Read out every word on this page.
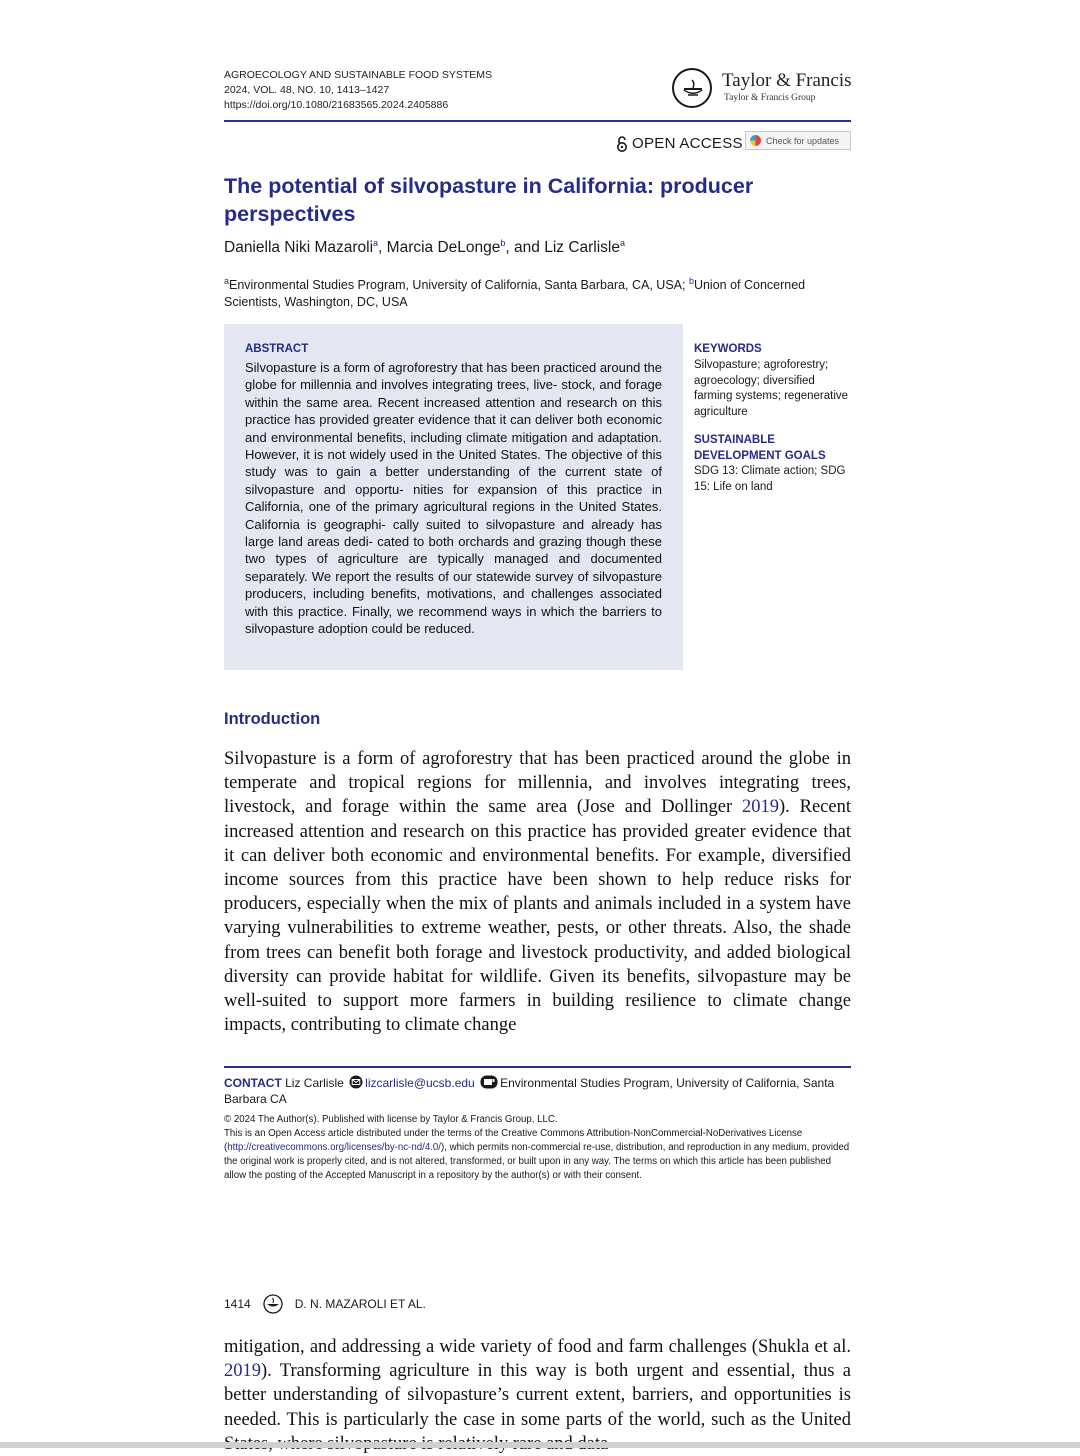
AGROECOLOGY AND SUSTAINABLE FOOD SYSTEMS
2024, VOL. 48, NO. 10, 1413–1427
https://doi.org/10.1080/21683565.2024.2405886
Taylor & Francis
Taylor & Francis Group
OPEN ACCESS	Check for updates
The potential of silvopasture in California: producer perspectives
Daniella Niki Mazaroli$^a$, Marcia DeLonge$^b$, and Liz Carlisle$^a$
$^a$Environmental Studies Program, University of California, Santa Barbara, CA, USA; $^b$Union of Concerned Scientists, Washington, DC, USA
ABSTRACT
Silvopasture is a form of agroforestry that has been practiced around the globe for millennia and involves integrating trees, live- stock, and forage within the same area. Recent increased attention and research on this practice has provided greater evidence that it can deliver both economic and environmental benefits, including climate mitigation and adaptation. However, it is not widely used in the United States. The objective of this study was to gain a better understanding of the current state of silvopasture and opportu- nities for expansion of this practice in California, one of the primary agricultural regions in the United States. California is geographi- cally suited to silvopasture and already has large land areas dedi- cated to both orchards and grazing though these two types of agriculture are typically managed and documented separately. We report the results of our statewide survey of silvopasture producers, including benefits, motivations, and challenges associated with this practice. Finally, we recommend ways in which the barriers to silvopasture adoption could be reduced.
KEYWORDS
Silvopasture; agroforestry; agroecology; diversified farming systems; regenerative agriculture
SUSTAINABLE DEVELOPMENT GOALS
SDG 13: Climate action; SDG 15: Life on land
Introduction
Silvopasture is a form of agroforestry that has been practiced around the globe in temperate and tropical regions for millennia, and involves integrating trees, livestock, and forage within the same area (Jose and Dollinger 2019). Recent increased attention and research on this practice has provided greater evidence that it can deliver both economic and environmental benefits. For example, diversified income sources from this practice have been shown to help reduce risks for producers, especially when the mix of plants and animals included in a system have varying vulnerabilities to extreme weather, pests, or other threats. Also, the shade from trees can benefit both forage and livestock productivity, and added biological diversity can provide habitat for wildlife. Given its benefits, silvopasture may be well-suited to support more farmers in building resilience to climate change impacts, contributing to climate change
CONTACT Liz Carlisle lizcarlisle@ucsb.edu Environmental Studies Program, University of California, Santa Barbara CA
© 2024 The Author(s). Published with license by Taylor & Francis Group, LLC.
This is an Open Access article distributed under the terms of the Creative Commons Attribution-NonCommercial-NoDerivatives License (http://creativecommons.org/licenses/by-nc-nd/4.0/), which permits non-commercial re-use, distribution, and reproduction in any medium, provided the original work is properly cited, and is not altered, transformed, or built upon in any way. The terms on which this article has been published allow the posting of the Accepted Manuscript in a repository by the author(s) or with their consent.
1414	D. N. MAZAROLI ET AL.
mitigation, and addressing a wide variety of food and farm challenges (Shukla et al. 2019). Transforming agriculture in this way is both urgent and essential, thus a better understanding of silvopasture’s current extent, barriers, and opportunities is needed. This is particularly the case in some parts of the world, such as the United
